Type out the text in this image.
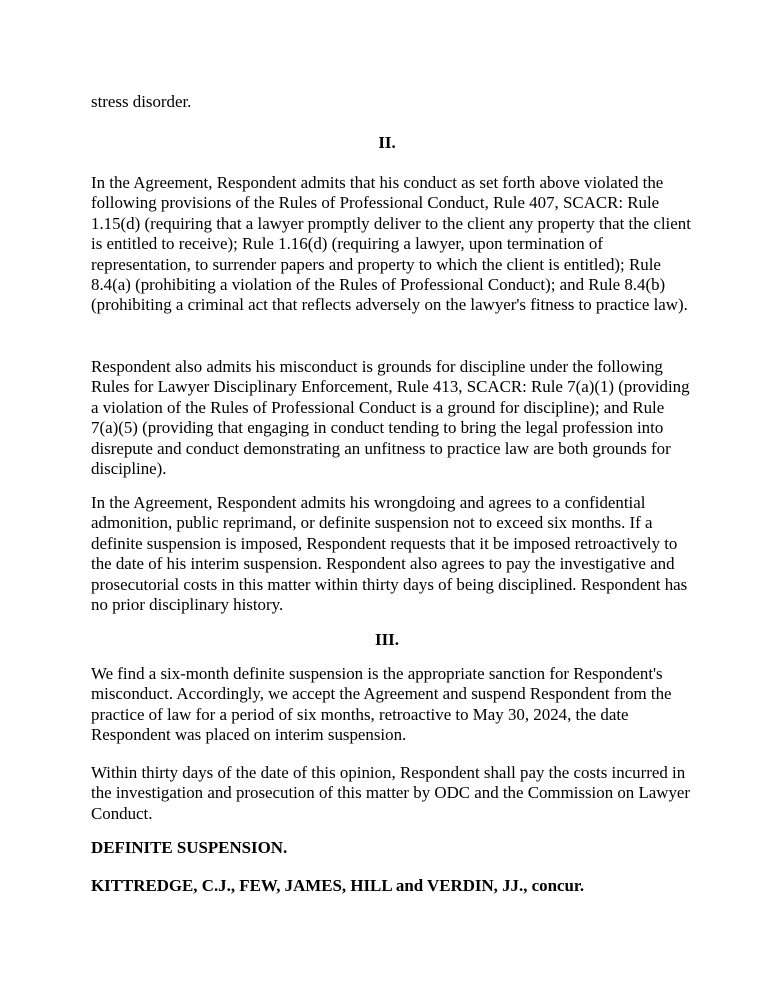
stress disorder.

II.

In the Agreement, Respondent admits that his conduct as set forth above violated the following provisions of the Rules of Professional Conduct, Rule 407, SCACR: Rule 1.15(d) (requiring that a lawyer promptly deliver to the client any property that the client is entitled to receive); Rule 1.16(d) (requiring a lawyer, upon termination of representation, to surrender papers and property to which the client is entitled); Rule 8.4(a) (prohibiting a violation of the Rules of Professional Conduct); and Rule 8.4(b) (prohibiting a criminal act that reflects adversely on the lawyer's fitness to practice law).

Respondent also admits his misconduct is grounds for discipline under the following Rules for Lawyer Disciplinary Enforcement, Rule 413, SCACR: Rule 7(a)(1) (providing a violation of the Rules of Professional Conduct is a ground for discipline); and Rule 7(a)(5) (providing that engaging in conduct tending to bring the legal profession into disrepute and conduct demonstrating an unfitness to practice law are both grounds for discipline).

In the Agreement, Respondent admits his wrongdoing and agrees to a confidential admonition, public reprimand, or definite suspension not to exceed six months. If a definite suspension is imposed, Respondent requests that it be imposed retroactively to the date of his interim suspension. Respondent also agrees to pay the investigative and prosecutorial costs in this matter within thirty days of being disciplined. Respondent has no prior disciplinary history.

III.

We find a six-month definite suspension is the appropriate sanction for Respondent's misconduct. Accordingly, we accept the Agreement and suspend Respondent from the practice of law for a period of six months, retroactive to May 30, 2024, the date Respondent was placed on interim suspension.

Within thirty days of the date of this opinion, Respondent shall pay the costs incurred in the investigation and prosecution of this matter by ODC and the Commission on Lawyer Conduct.

DEFINITE SUSPENSION.

KITTREDGE, C.J., FEW, JAMES, HILL and VERDIN, JJ., concur.
